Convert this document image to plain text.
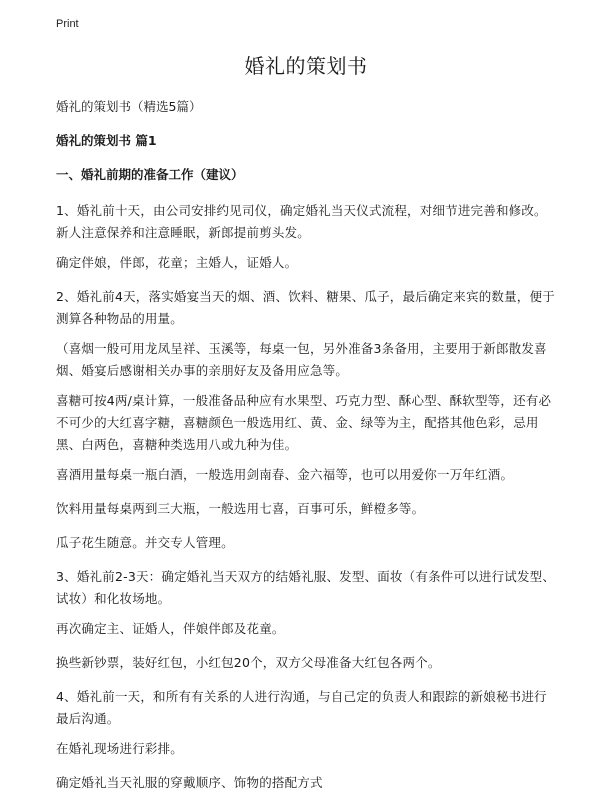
Print
婚礼的策划书

婚礼的策划书（精选5篇）

婚礼的策划书 篇1

一、婚礼前期的准备工作（建议）

1、婚礼前十天，由公司安排约见司仪，确定婚礼当天仪式流程，对细节进完善和修改。新人注意保养和注意睡眠，新郎提前剪头发。

确定伴娘，伴郎，花童；主婚人，证婚人。

2、婚礼前4天，落实婚宴当天的烟、酒、饮料、糖果、瓜子，最后确定来宾的数量，便于测算各种物品的用量。

（喜烟一般可用龙凤呈祥、玉溪等，每桌一包，另外准备3条备用，主要用于新郎散发喜烟、婚宴后感谢相关办事的亲朋好友及备用应急等。

喜糖可按4两/桌计算，一般准备品种应有水果型、巧克力型、酥心型、酥软型等，还有必不可少的大红喜字糖，喜糖颜色一般选用红、黄、金、绿等为主，配搭其他色彩，忌用黑、白两色，喜糖种类选用八或九种为佳。

喜酒用量每桌一瓶白酒，一般选用剑南春、金六福等，也可以用爱你一万年红酒。

饮料用量每桌两到三大瓶，一般选用七喜，百事可乐，鲜橙多等。

瓜子花生随意。并交专人管理。

3、婚礼前2-3天：确定婚礼当天双方的结婚礼服、发型、面妆（有条件可以进行试发型、试妆）和化妆场地。

再次确定主、证婚人，伴娘伴郎及花童。

换些新钞票，装好红包，小红包20个，双方父母准备大红包各两个。

4、婚礼前一天，和所有有关系的人进行沟通，与自己定的负责人和跟踪的新娘秘书进行最后沟通。

在婚礼现场进行彩排。

确定婚礼当天礼服的穿戴顺序、饰物的搭配方式
